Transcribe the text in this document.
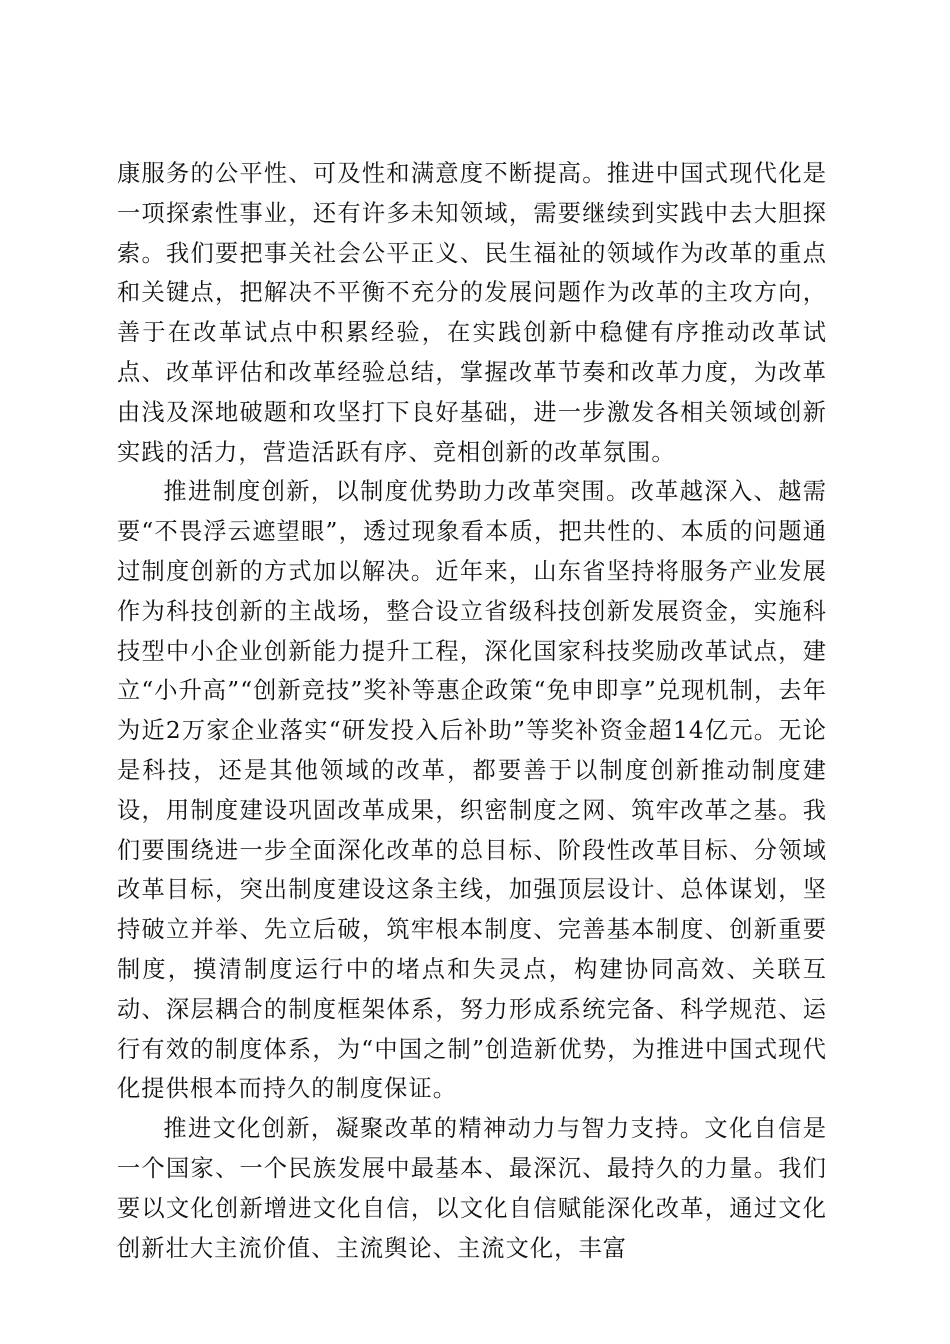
康服务的公平性、可及性和满意度不断提高。推进中国式现代化是一项探索性事业，还有许多未知领域，需要继续到实践中去大胆探索。我们要把事关社会公平正义、民生福祉的领域作为改革的重点和关键点，把解决不平衡不充分的发展问题作为改革的主攻方向，善于在改革试点中积累经验，在实践创新中稳健有序推动改革试点、改革评估和改革经验总结，掌握改革节奏和改革力度，为改革由浅及深地破题和攻坚打下良好基础，进一步激发各相关领域创新实践的活力，营造活跃有序、竞相创新的改革氛围。

推进制度创新，以制度优势助力改革突围。改革越深入、越需要“不畏浮云遮望眼”，透过现象看本质，把共性的、本质的问题通过制度创新的方式加以解决。近年来，山东省坚持将服务产业发展作为科技创新的主战场，整合设立省级科技创新发展资金，实施科技型中小企业创新能力提升工程，深化国家科技奖励改革试点，建立“小升高”“创新竞技”奖补等惠企政策“免申即享”兑现机制，去年为近2万家企业落实“研发投入后补助”等奖补资金超14亿元。无论是科技，还是其他领域的改革，都要善于以制度创新推动制度建设，用制度建设巩固改革成果，织密制度之网、筑牢改革之基。我们要围绕进一步全面深化改革的总目标、阶段性改革目标、分领域改革目标，突出制度建设这条主线，加强顶层设计、总体谋划，坚持破立并举、先立后破，筑牢根本制度、完善基本制度、创新重要制度，摸清制度运行中的堵点和失灵点，构建协同高效、关联互动、深层耦合的制度框架体系，努力形成系统完备、科学规范、运行有效的制度体系，为“中国之制”创造新优势，为推进中国式现代化提供根本而持久的制度保证。

推进文化创新，凝聚改革的精神动力与智力支持。文化自信是一个国家、一个民族发展中最基本、最深沉、最持久的力量。我们要以文化创新增进文化自信，以文化自信赋能深化改革，通过文化创新壮大主流价值、主流舆论、主流文化，丰富
